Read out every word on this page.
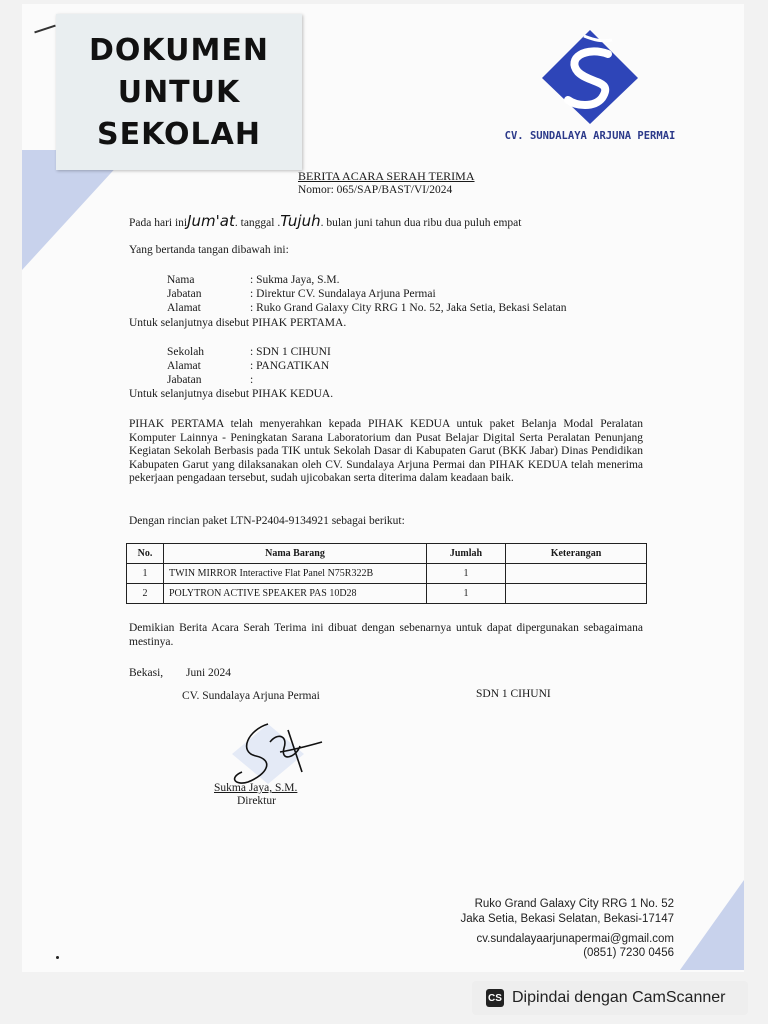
DOKUMEN
UNTUK
SEKOLAH	CV. SUNDALAYA ARJUNA PERMAI
BERITA ACARA SERAH TERIMA
Nomor: 065/SAP/BAST/VI/2024
Pada hari iniJum'at. tanggal .Tujuh. bulan juni tahun dua ribu dua puluh empat
Yang bertanda tangan dibawah ini:
Nama	: Sukma Jaya, S.M.
Jabatan	: Direktur CV. Sundalaya Arjuna Permai
Alamat	: Ruko Grand Galaxy City RRG 1 No. 52, Jaka Setia, Bekasi Selatan
Untuk selanjutnya disebut PIHAK PERTAMA.
Sekolah	: SDN 1 CIHUNI
Alamat	: PANGATIKAN
Jabatan	:
Untuk selanjutnya disebut PIHAK KEDUA.

PIHAK PERTAMA telah menyerahkan kepada PIHAK KEDUA untuk paket Belanja Modal Peralatan Komputer Lainnya - Peningkatan Sarana Laboratorium dan Pusat Belajar Digital Serta Peralatan Penunjang Kegiatan Sekolah Berbasis pada TIK untuk Sekolah Dasar di Kabupaten Garut (BKK Jabar) Dinas Pendidikan Kabupaten Garut yang dilaksanakan oleh CV. Sundalaya Arjuna Permai dan PIHAK KEDUA telah menerima pekerjaan pengadaan tersebut, sudah ujicobakan serta diterima dalam keadaan baik.

Dengan rincian paket LTN-P2404-9134921 sebagai berikut:
No.	Nama Barang	Jumlah	Keterangan
1	TWIN MIRROR Interactive Flat Panel N75R322B	1	
2	POLYTRON ACTIVE SPEAKER PAS 10D28	1	

Demikian Berita Acara Serah Terima ini dibuat dengan sebenarnya untuk dapat dipergunakan sebagaimana mestinya.

Bekasi, Juni 2024
CV. Sundalaya Arjuna Permai	SDN 1 CIHUNI
Sukma Jaya, S.M.
Direktur
Ruko Grand Galaxy City RRG 1 No. 52
Jaka Setia, Bekasi Selatan, Bekasi-17147
cv.sundalayaarjunapermai@gmail.com
(0851) 7230 0456
CS Dipindai dengan CamScanner
